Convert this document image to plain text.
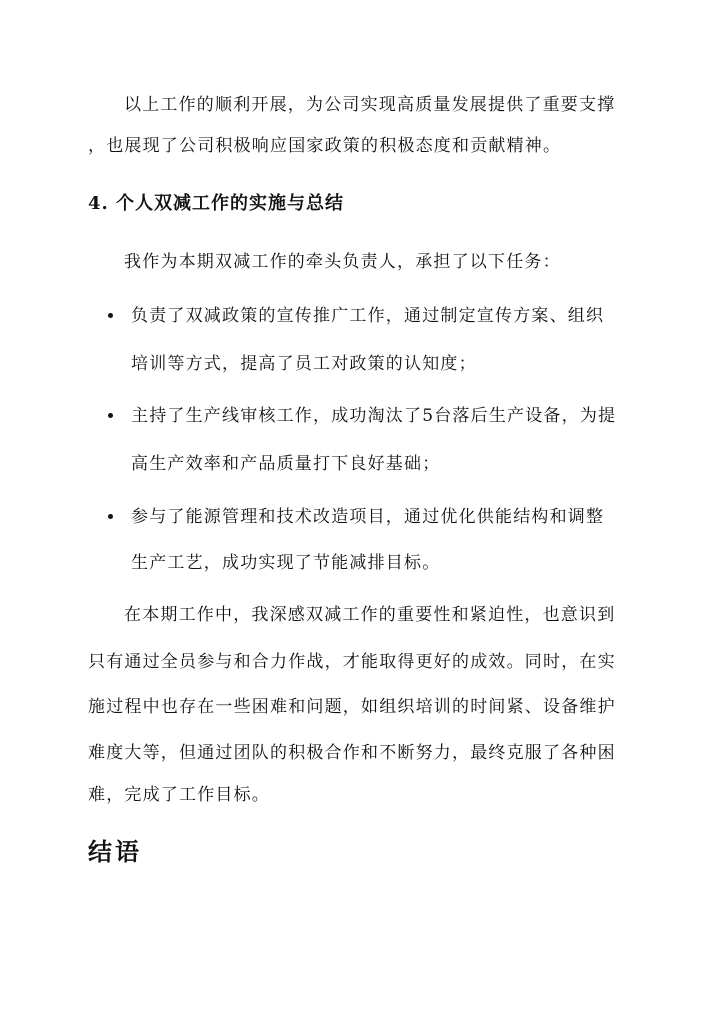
以上工作的顺利开展，为公司实现高质量发展提供了重要支撑

，也展现了公司积极响应国家政策的积极态度和贡献精神。

4. 个人双减工作的实施与总结

我作为本期双减工作的牵头负责人，承担了以下任务：

负责了双减政策的宣传推广工作，通过制定宣传方案、组织

培训等方式，提高了员工对政策的认知度；

主持了生产线审核工作，成功淘汰了5台落后生产设备，为提

高生产效率和产品质量打下良好基础；

参与了能源管理和技术改造项目，通过优化供能结构和调整

生产工艺，成功实现了节能减排目标。

在本期工作中，我深感双减工作的重要性和紧迫性，也意识到

只有通过全员参与和合力作战，才能取得更好的成效。同时，在实

施过程中也存在一些困难和问题，如组织培训的时间紧、设备维护

难度大等，但通过团队的积极合作和不断努力，最终克服了各种困

难，完成了工作目标。

结语
